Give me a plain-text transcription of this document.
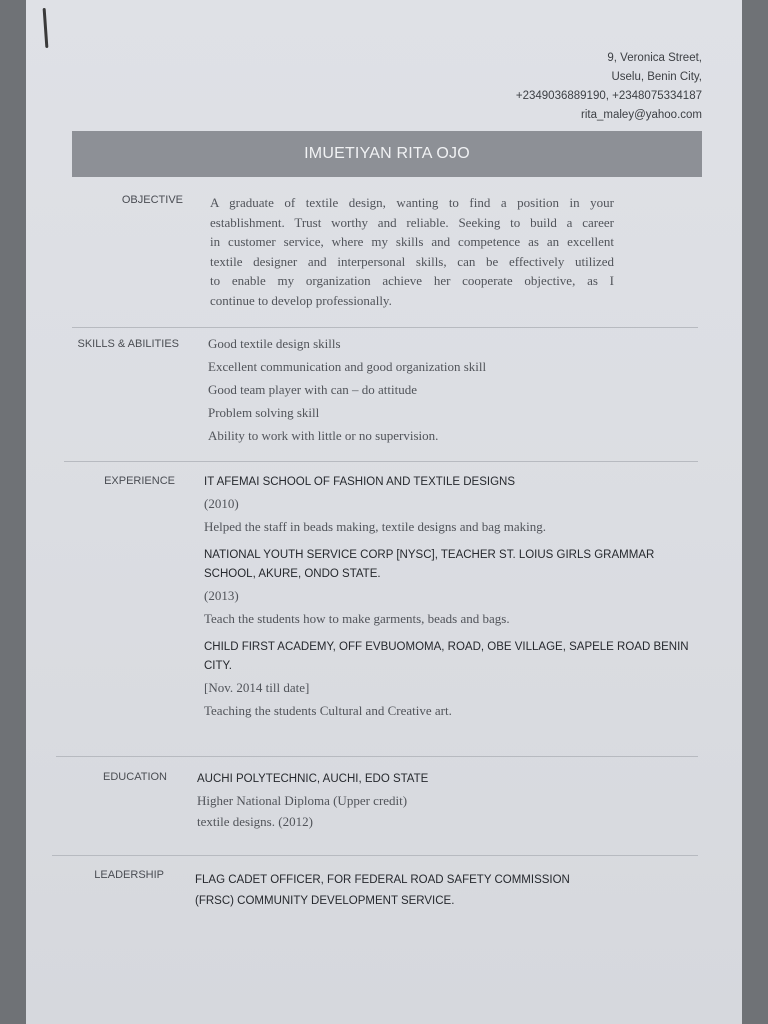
9, Veronica Street,
Uselu, Benin City,
+2349036889190, +2348075334187
rita_maley@yahoo.com
IMUETIYAN RITA OJO
OBJECTIVE A graduate of textile design, wanting to find a position in your
establishment. Trust worthy and reliable. Seeking to build a career
in customer service, where my skills and competence as an excellent
textile designer and interpersonal skills, can be effectively utilized
to enable my organization achieve her cooperate objective, as I
continue to develop professionally.
SKILLS & ABILITIES Good textile design skills
Excellent communication and good organization skill
Good team player with can – do attitude
Problem solving skill
Ability to work with little or no supervision.
EXPERIENCE	IT AFEMAI SCHOOL OF FASHION AND TEXTILE DESIGNS
(2010)
Helped the staff in beads making, textile designs and bag making.
NATIONAL YOUTH SERVICE CORP [NYSC], TEACHER ST. LOIUS GIRLS GRAMMAR SCHOOL, AKURE, ONDO STATE.
(2013)
Teach the students how to make garments, beads and bags.
CHILD FIRST ACADEMY, OFF EVBUOMOMA, ROAD, OBE VILLAGE, SAPELE ROAD BENIN CITY.
[Nov. 2014 till date]
Teaching the students Cultural and Creative art.
EDUCATION	AUCHI POLYTECHNIC, AUCHI, EDO STATE
Higher National Diploma (Upper credit)
textile designs. (2012)
LEADERSHIP	FLAG CADET OFFICER, FOR FEDERAL ROAD SAFETY COMMISSION (FRSC) COMMUNITY DEVELOPMENT SERVICE.
